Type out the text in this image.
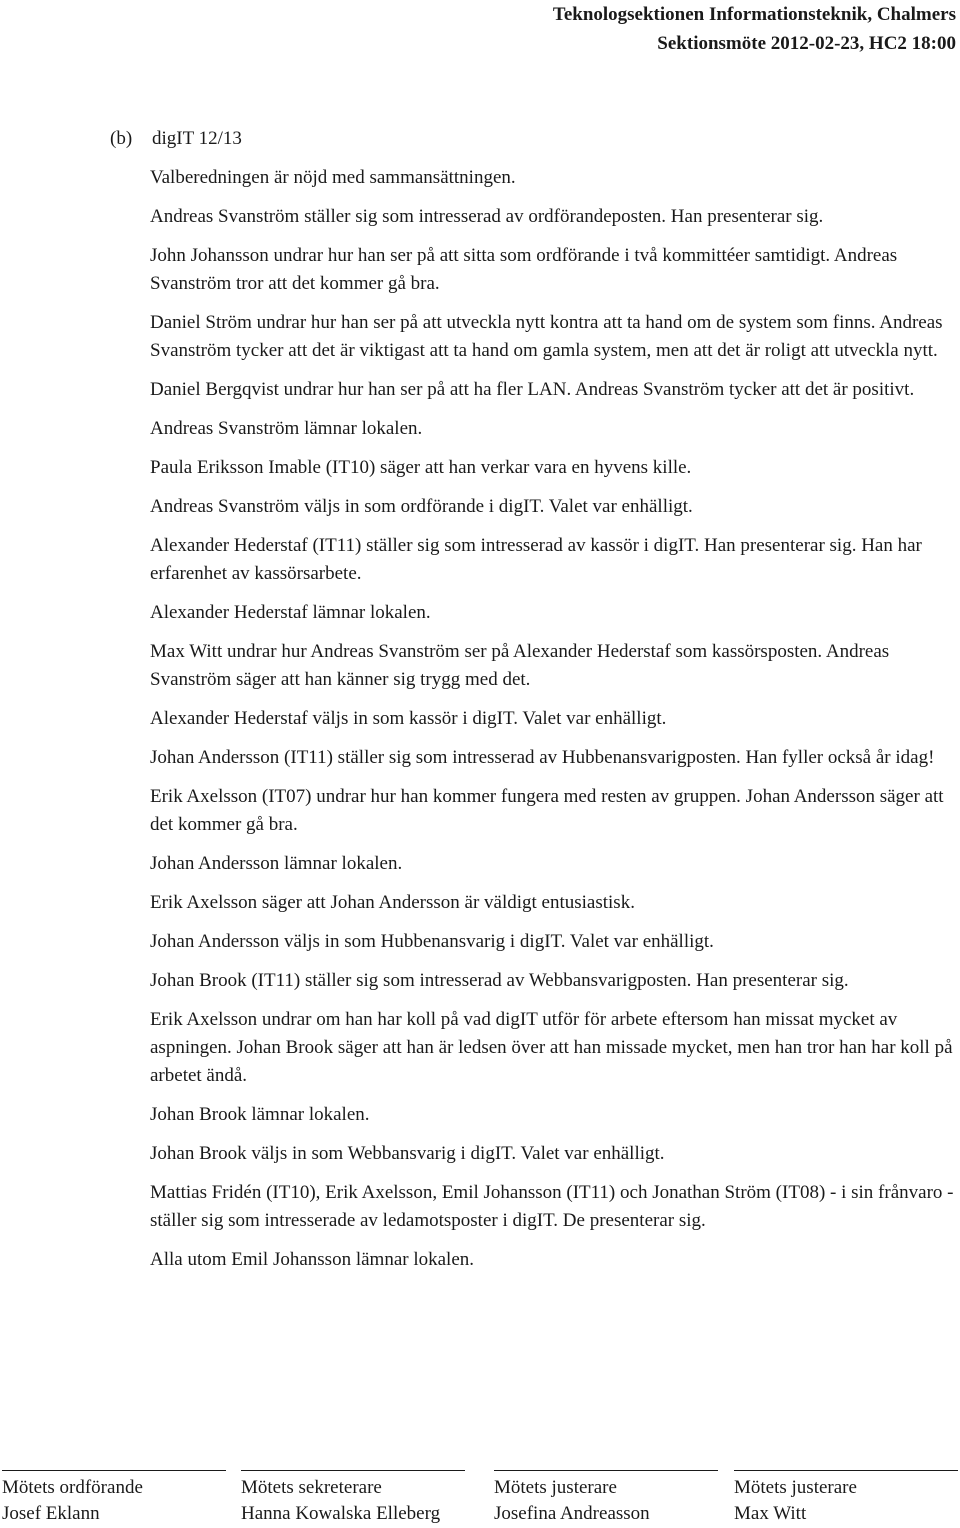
Teknologsektionen Informationsteknik, Chalmers
Sektionsmöte 2012-02-23, HC2 18:00
(b) digIT 12/13

Valberedningen är nöjd med sammansättningen.

Andreas Svanström ställer sig som intresserad av ordförandeposten. Han presenterar sig.

John Johansson undrar hur han ser på att sitta som ordförande i två kommittéer samtidigt. Andreas Svanström tror att det kommer gå bra.

Daniel Ström undrar hur han ser på att utveckla nytt kontra att ta hand om de system som finns. Andreas Svanström tycker att det är viktigast att ta hand om gamla system, men att det är roligt att utveckla nytt.

Daniel Bergqvist undrar hur han ser på att ha fler LAN. Andreas Svanström tycker att det är positivt.

Andreas Svanström lämnar lokalen.

Paula Eriksson Imable (IT10) säger att han verkar vara en hyvens kille.

Andreas Svanström väljs in som ordförande i digIT. Valet var enhälligt.

Alexander Hederstaf (IT11) ställer sig som intresserad av kassör i digIT. Han presenterar sig. Han har erfarenhet av kassörsarbete.

Alexander Hederstaf lämnar lokalen.

Max Witt undrar hur Andreas Svanström ser på Alexander Hederstaf som kassörsposten. Andreas Svanström säger att han känner sig trygg med det.

Alexander Hederstaf väljs in som kassör i digIT. Valet var enhälligt.

Johan Andersson (IT11) ställer sig som intresserad av Hubbenansvarigposten. Han fyller också år idag!

Erik Axelsson (IT07) undrar hur han kommer fungera med resten av gruppen. Johan Andersson säger att det kommer gå bra.

Johan Andersson lämnar lokalen.

Erik Axelsson säger att Johan Andersson är väldigt entusiastisk.

Johan Andersson väljs in som Hubbenansvarig i digIT. Valet var enhälligt.

Johan Brook (IT11) ställer sig som intresserad av Webbansvarigposten. Han presenterar sig.

Erik Axelsson undrar om han har koll på vad digIT utför för arbete eftersom han missat mycket av aspningen. Johan Brook säger att han är ledsen över att han missade mycket, men han tror han har koll på arbetet ändå.

Johan Brook lämnar lokalen.

Johan Brook väljs in som Webbansvarig i digIT. Valet var enhälligt.

Mattias Fridén (IT10), Erik Axelsson, Emil Johansson (IT11) och Jonathan Ström (IT08) - i sin frånvaro - ställer sig som intresserade av ledamotsposter i digIT. De presenterar sig.

Alla utom Emil Johansson lämnar lokalen.

Mötets ordförande
Josef Eklann
Mötets sekreterare
Hanna Kowalska Elleberg
Mötets justerare
Josefina Andreasson
Mötets justerare
Max Witt
